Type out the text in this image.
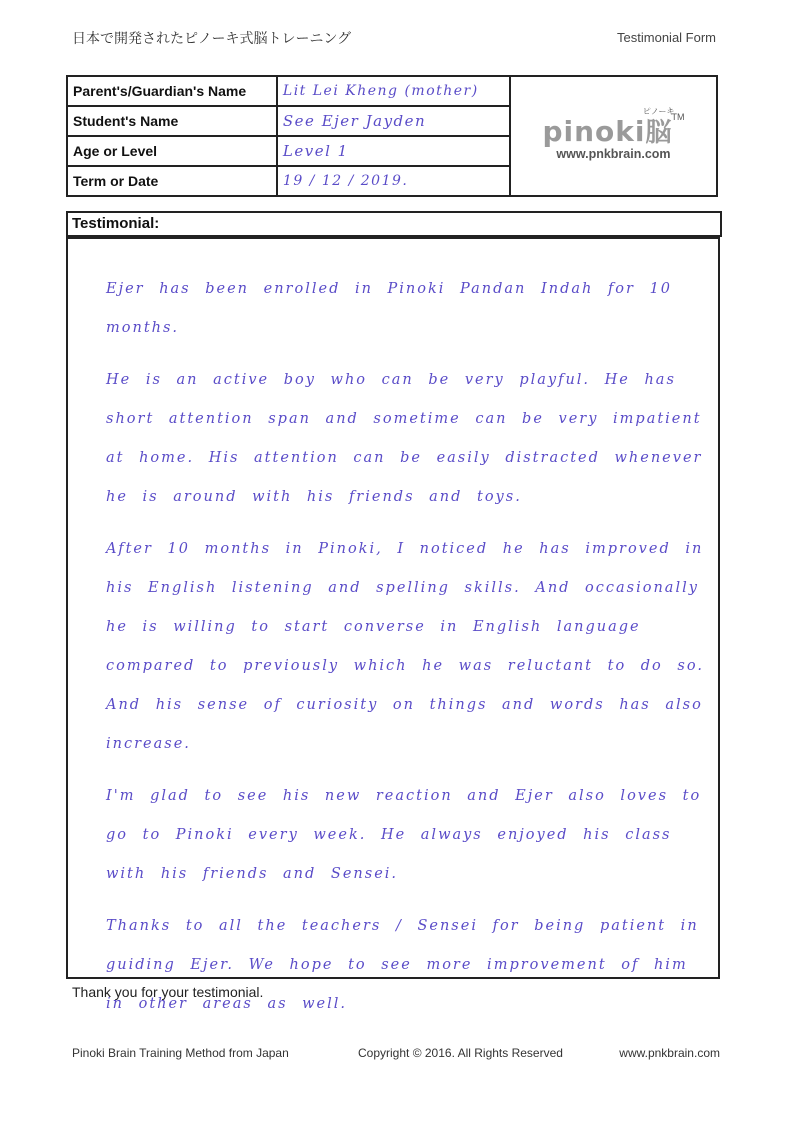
日本で開発されたピノーキ式脳トレーニング	Testimonial Form
Parent's/Guardian's Name	Lit Lei Kheng (mother)	pinoki脳™
ピノーキ
www.pnkbrain.com

Student's Name	See Ejer Jayden	
Age or Level	Level 1	
Term or Date	19 / 12 / 2019.	
Testimonial:

Ejer has been enrolled in Pinoki Pandan Indah for 10 months.

He is an active boy who can be very playful. He has short attention span and sometime can be very impatient at home. His attention can be easily distracted whenever he is around with his friends and toys.

After 10 months in Pinoki, I noticed he has improved in his English listening and spelling skills. And occasionally he is willing to start converse in English language compared to previously which he was reluctant to do so. And his sense of curiosity on things and words has also increase.

I'm glad to see his new reaction and Ejer also loves to go to Pinoki every week. He always enjoyed his class with his friends and Sensei.

Thanks to all the teachers / Sensei for being patient in guiding Ejer. We hope to see more improvement of him in other areas as well.

Thank you for your testimonial.
Pinoki Brain Training Method from Japan	Copyright © 2016. All Rights Reserved	www.pnkbrain.com
